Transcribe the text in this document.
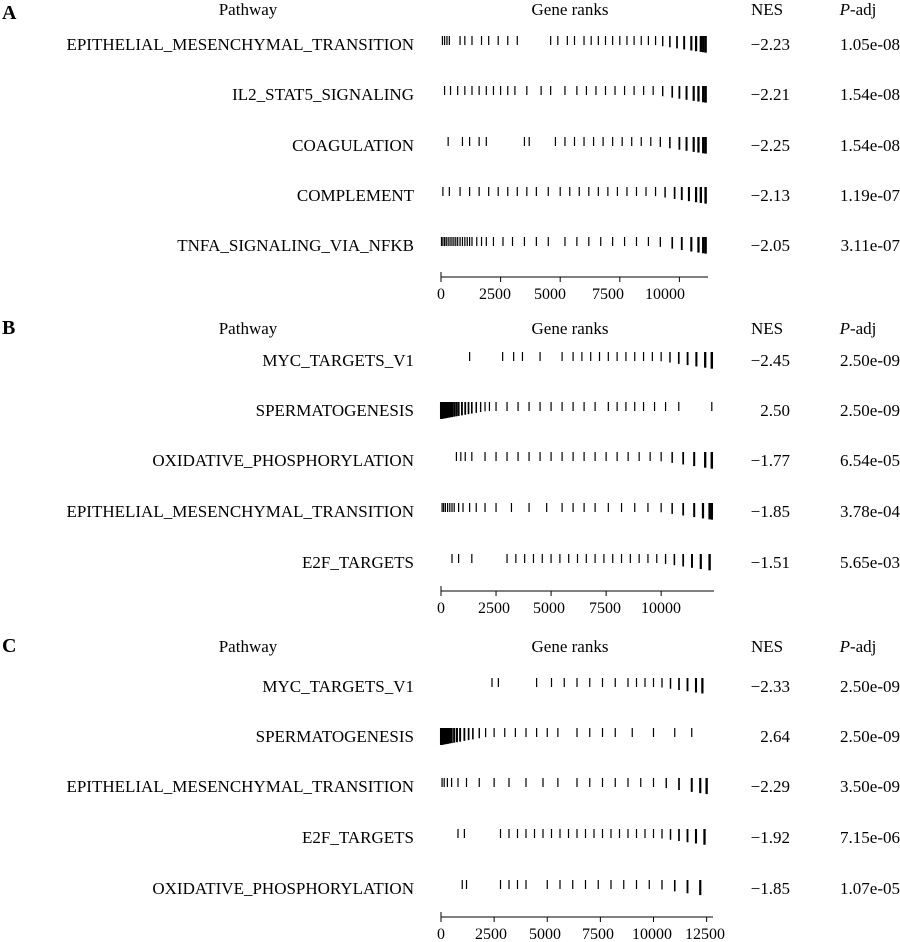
A	Pathway	Gene ranks	NES	P-adj
EPITHELIAL_MESENCHYMAL_TRANSITION	−2.23	1.05e-08
IL2_STAT5_SIGNALING	−2.21	1.54e-08
COAGULATION	−2.25	1.54e-08
COMPLEMENT	−2.13	1.19e-07
TNFA_SIGNALING_VIA_NFKB	−2.05	3.11e-07
0 2500 5000 7500 10000
B	Pathway	Gene ranks	NES	P-adj
MYC_TARGETS_V1	−2.45	2.50e-09
SPERMATOGENESIS	2.50	2.50e-09
OXIDATIVE_PHOSPHORYLATION	−1.77	6.54e-05
EPITHELIAL_MESENCHYMAL_TRANSITION	−1.85	3.78e-04
E2F_TARGETS	−1.51	5.65e-03
0 2500 5000 7500 10000
C	Pathway	Gene ranks	NES	P-adj
MYC_TARGETS_V1	−2.33	2.50e-09
SPERMATOGENESIS	2.64	2.50e-09
EPITHELIAL_MESENCHYMAL_TRANSITION	−2.29	3.50e-09
E2F_TARGETS	−1.92	7.15e-06
OXIDATIVE_PHOSPHORYLATION	−1.85	1.07e-05
0 2500 5000 7500 10000 12500
